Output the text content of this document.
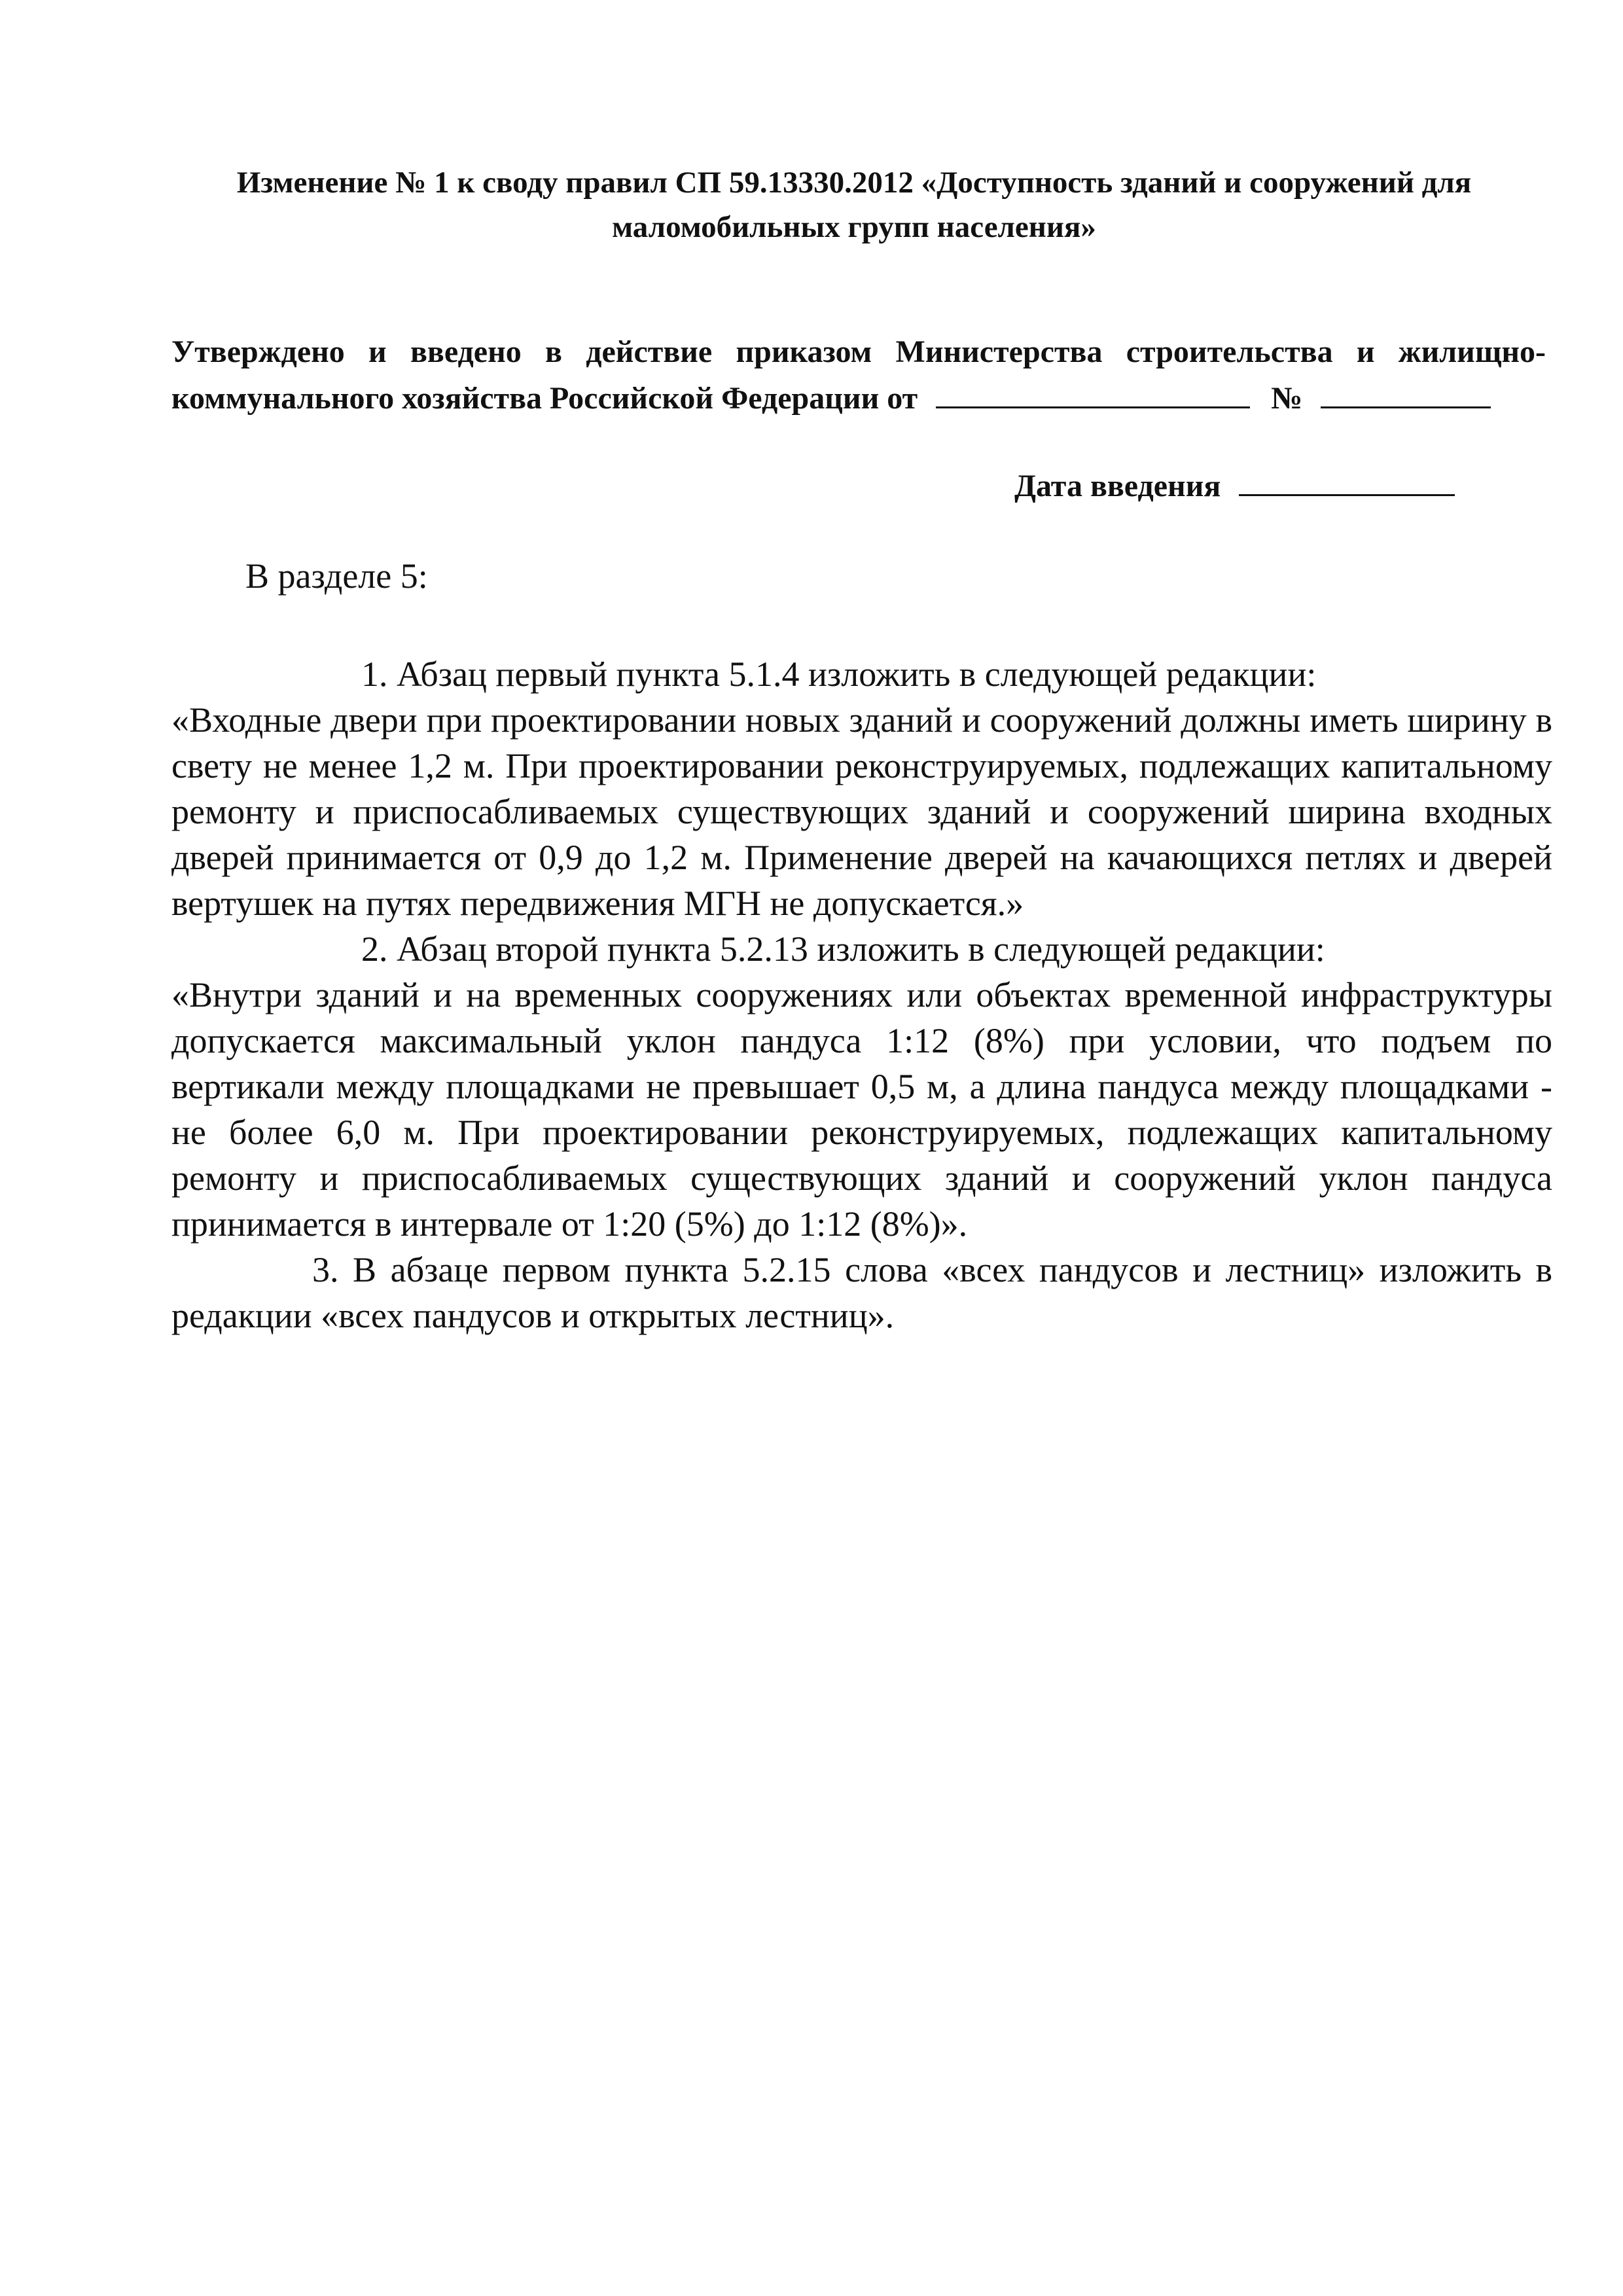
Изменение № 1 к своду правил СП 59.13330.2012 «Доступность зданий и сооружений для
маломобильных групп населения»
Утверждено и введено в действие приказом Министерства строительства и жилищно-
коммунального хозяйства Российской Федерации от	№
Дата введения
В разделе 5:

1. Абзац первый пункта 5.1.4 изложить в следующей редакции:

«Входные двери при проектировании новых зданий и сооружений должны иметь ширину в свету не менее 1,2 м. При проектировании реконструируемых, подлежащих капитальному ремонту и приспосабливаемых существующих зданий и сооружений ширина входных дверей принимается от 0,9 до 1,2 м. Применение дверей на качающихся петлях и дверей вертушек на путях передвижения МГН не допускается.»

2. Абзац второй пункта 5.2.13 изложить в следующей редакции:

«Внутри зданий и на временных сооружениях или объектах временной инфраструктуры допускается максимальный уклон пандуса 1:12 (8%) при условии, что подъем по вертикали между площадками не превышает 0,5 м, а длина пандуса между площадками - не более 6,0 м. При проектировании реконструируемых, подлежащих капитальному ремонту и приспосабливаемых существующих зданий и сооружений уклон пандуса принимается в интервале от 1:20 (5%) до 1:12 (8%)».

3. В абзаце первом пункта 5.2.15 слова «всех пандусов и лестниц» изложить в редакции «всех пандусов и открытых лестниц».
